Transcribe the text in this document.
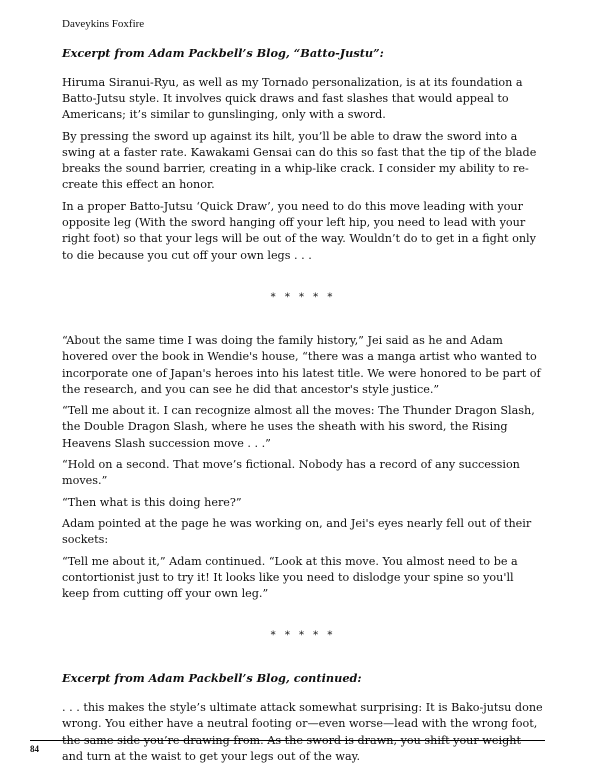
Daveykins Foxfire
Excerpt from Adam Packbell’s Blog, “Batto-Justu”:

Hiruma Siranui-Ryu, as well as my Tornado personalization, is at its foundation a Batto-Jutsu style. It involves quick draws and fast slashes that would appeal to Americans; it’s similar to gunslinging, only with a sword.

By pressing the sword up against its hilt, you’ll be able to draw the sword into a swing at a faster rate. Kawakami Gensai can do this so fast that the tip of the blade breaks the sound barrier, creating in a whip-like crack. I consider my ability to re-create this effect an honor.

In a proper Batto-Jutsu ‘Quick Draw’, you need to do this move leading with your opposite leg (With the sword hanging off your left hip, you need to lead with your right foot) so that your legs will be out of the way. Wouldn’t do to get in a fight only to die because you cut off your own legs . . .

* * * * *

“About the same time I was doing the family history,” Jei said as he and Adam hovered over the book in Wendie's house, “there was a manga artist who wanted to incorporate one of Japan's heroes into his latest title. We were honored to be part of the research, and you can see he did that ancestor's style justice.”

“Tell me about it. I can recognize almost all the moves: The Thunder Dragon Slash, the Double Dragon Slash, where he uses the sheath with his sword, the Rising Heavens Slash succession move . . .”

“Hold on a second. That move’s fictional. Nobody has a record of any succession moves.”

“Then what is this doing here?”

Adam pointed at the page he was working on, and Jei's eyes nearly fell out of their sockets:

“Tell me about it,” Adam continued. “Look at this move. You almost need to be a contortionist just to try it! It looks like you need to dislodge your spine so you'll keep from cutting off your own leg.”

* * * * *
Excerpt from Adam Packbell’s Blog, continued:

. . . this makes the style’s ultimate attack somewhat surprising: It is Bako-jutsu done wrong. You either have a neutral footing or—even worse—lead with the wrong foot, the same side you’re drawing from. As the sword is drawn, you shift your weight and turn at the waist to get your legs out of the way.

84
